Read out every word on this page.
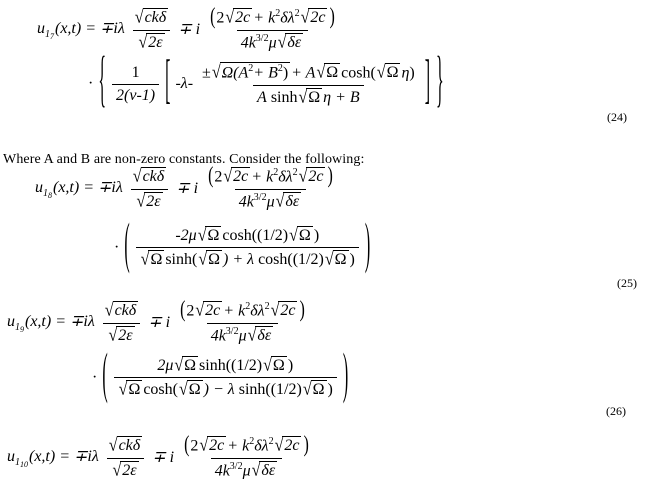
$u_{17}(x,t) = \mp i\lambda \frac{\text{√ckδ}}{√2\varepsilon} \mp i \frac{(2√2c + k^2\delta\lambda^2√2c )}{4k^{3/2}\mu√\delta\varepsilon}$
· { $\frac{1}{2(\nu-1)}$ [ $-\lambda- \frac{\pm√\Omega(A^2+ B^2) + A√\Omega \cosh(√\Omega \eta)}{\text{A sinh√Ω η + B}}$ ] }
(24)

Where A and B are non-zero constants. Consider the following:

$u_{18}(x,t) = \mp i\lambda \frac{\text{√ckδ}}{√2\varepsilon} \mp i \frac{(2√2c + k^2\delta\lambda^2√2c )}{4k^{3/2}\mu√\delta\varepsilon}$
· ( $\frac{\text{-2μ√Ω cosh((1/2)√Ω )}}{\text{√Ω sinh(√Ω ) + λ cosh((1/2)√Ω )}}$ )
(25)
$u_{19}(x,t) = \mp i\lambda \frac{\text{√ckδ}}{√2\varepsilon} \mp i \frac{(2√2c + k^2\delta\lambda^2√2c )}{4k^{3/2}\mu√\delta\varepsilon}$
· ( $\frac{\text{2μ√Ω sinh((1/2)√Ω )}}{\text{√Ω cosh(√Ω ) − λ sinh((1/2)√Ω )}}$ )
(26)
$u_{110}(x,t) = \mp i\lambda \frac{\text{√ckδ}}{√2\varepsilon} \mp i \frac{(2√2c + k^2\delta\lambda^2√2c )}{4k^{3/2}\mu√\delta\varepsilon}$
